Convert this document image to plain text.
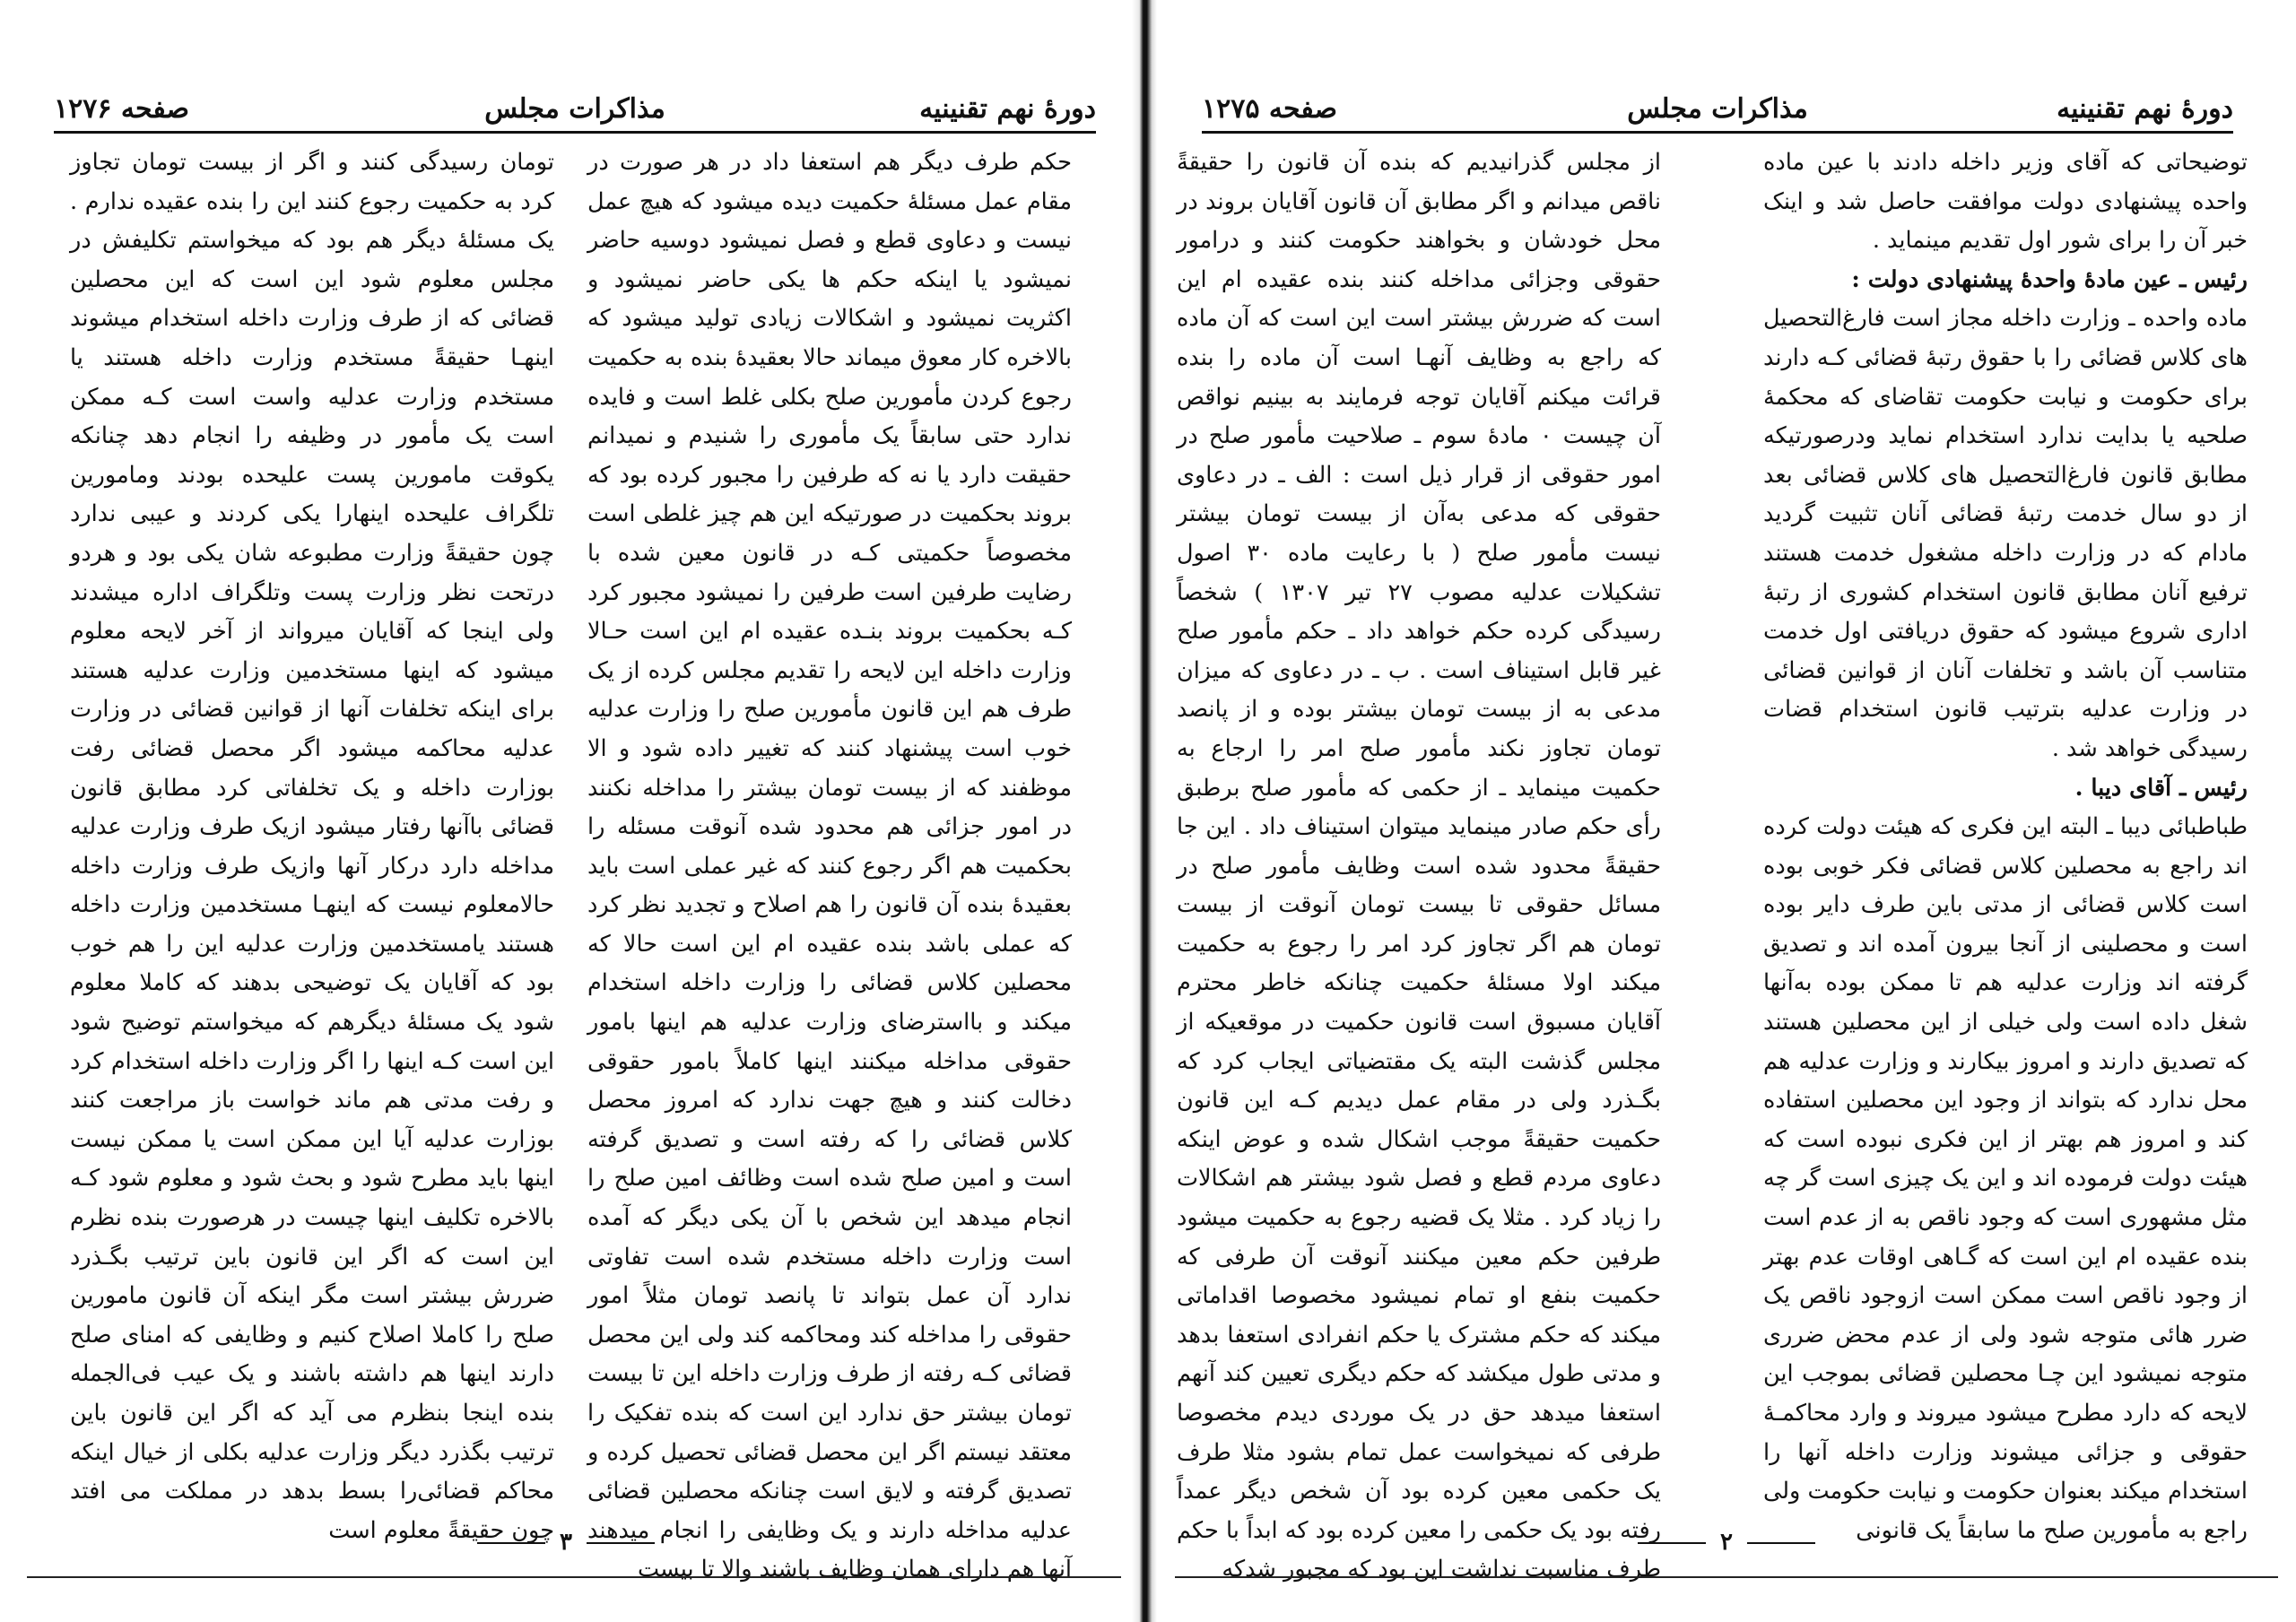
دورهٔ نهم تقنینیه
مذاکرات مجلس
صفحه ۱۲۷۶

حکم طرف دیگر هم استعفا داد در هر صورت در مقام عمل مسئلهٔ حکمیت دیده میشود که هیچ عمل نیست و دعاوی قطع و فصل نمیشود دوسیه حاضر نمیشود یا اینکه حکم ها یکی حاضر نمیشود و اکثریت نمیشود و اشکالات زیادی تولید میشود که بالاخره کار معوق میماند حالا بعقیدهٔ بنده به حکمیت رجوع کردن مأمورین صلح بکلی غلط است و فایده ندارد حتی سابقاً یک مأموری را شنیدم و نمیدانم حقیقت دارد یا نه که طرفین را مجبور کرده بود که بروند بحکمیت در صورتیکه این هم چیز غلطی است مخصوصاً حکمیتی کـه در قانون معین شده با رضایت طرفین است طرفین را نمیشود مجبور کرد کـه بحکمیت بروند بنـده عقیده ام این است حـالا وزارت داخله این لایحه را تقدیم مجلس کرده از یک طرف هم این قانون مأمورین صلح را وزارت عدلیه خوب است پیشنهاد کنند که تغییر داده شود و الا موظفند که از بیست تومان بیشتر را مداخله نکنند در امور جزائی هم محدود شده آنوقت مسئله را بحکمیت هم اگر رجوع کنند که غیر عملی است باید بعقیدهٔ بنده آن قانون را هم اصلاح و تجدید نظر کرد که عملی باشد بنده عقیده ام این است حالا که محصلین کلاس قضائی را وزارت داخله استخدام میکند و بااسترضای وزارت عدلیه هم اینها بامور حقوقی مداخله میکنند اینها کاملاً بامور حقوقی دخالت کنند و هیچ جهت ندارد که امروز محصل کلاس قضائی را که رفته است و تصدیق گرفته است و امین صلح شده است وظائف امین صلح را انجام میدهد این شخص با آن یکی دیگر که آمده است وزارت داخله مستخدم شده است تفاوتی ندارد آن عمل بتواند تا پانصد تومان مثلاً امور حقوقی را مداخله کند ومحاکمه کند ولی این محصل قضائی کـه رفته از طرف وزارت داخله این تا بیست تومان بیشتر حق ندارد این است که بنده تفکیک را معتقد نیستم اگر این محصل قضائی تحصیل کرده و تصدیق گرفته و لایق است چنانکه محصلین قضائی عدلیه مداخله دارند و یک وظایفی را انجام میدهند آنها هم دارای همان وظایف باشند والا تا بیست

تومان رسیدگی کنند و اگر از بیست تومان تجاوز کرد به حکمیت رجوع کنند این را بنده عقیده ندارم . یک مسئلهٔ دیگر هم بود که میخواستم تکلیفش در مجلس معلوم شود این است که این محصلین قضائی که از طرف وزارت داخله استخدام میشوند اینهـا حقیقةً مستخدم وزارت داخله هستند یا مستخدم وزارت عدلیه واست است کـه ممکن است یک مأمور در وظیفه را انجام دهد چنانکه یکوقت مامورین پست علیحده بودند ومامورین تلگراف علیحده اینهارا یکی کردند و عیبی ندارد چون حقیقةً وزارت مطبوعه شان یکی بود و هردو درتحت نظر وزارت پست وتلگراف اداره میشدند ولی اینجا که آقایان میرواند از آخر لایحه معلوم میشود که اینها مستخدمین وزارت عدلیه هستند برای اینکه تخلفات آنها از قوانین قضائی در وزارت عدلیه محاکمه میشود اگر محصل قضائی رفت بوزارت داخله و یک تخلفاتی کرد مطابق قانون قضائی باآنها رفتار میشود ازیک طرف وزارت عدلیه مداخله دارد درکار آنها وازیک طرف وزارت داخله حالامعلوم نیست که اینهـا مستخدمین وزارت داخله هستند یامستخدمین وزارت عدلیه این را هم خوب بود که آقایان یک توضیحی بدهند که کاملا معلوم شود یک مسئلهٔ دیگرهم که میخواستم توضیح شود این است کـه اینها را اگر وزارت داخله استخدام کرد و رفت مدتی هم ماند خواست باز مراجعت کنند بوزارت عدلیه آیا این ممکن است یا ممکن نیست اینها باید مطرح شود و بحث شود و معلوم شود کـه بالاخره تکلیف اینها چیست در هرصورت بنده نظرم این است که اگر این قانون باین ترتیب بگـذرد ضررش بیشتر است مگر اینکه آن قانون مامورین صلح را کاملا اصلاح کنیم و وظایفی که امنای صلح دارند اینها هم داشته باشند و یک عیب فی‌الجمله بنده اینجا بنظرم می آید که اگر این قانون باین ترتیب بگذرد دیگر وزارت عدلیه بکلی از خیال اینکه محاکم قضائی‌را بسط بدهد در مملکت می افتد چون حقیقةً معلوم است ۳
دورهٔ نهم تقنینیه
مذاکرات مجلس
صفحه ۱۲۷۵

توضیحاتی که آقای وزیر داخله دادند با عین ماده واحده پیشنهادی دولت موافقت حاصل شد و اینک خبر آن را برای شور اول تقدیم مینماید .

رئیس ـ عین مادهٔ واحدهٔ پیشنهادی دولت :

ماده واحده ـ وزارت داخله مجاز است فارغ‌التحصیل های کلاس قضائی را با حقوق رتبهٔ قضائی کـه دارند برای حکومت و نیابت حکومت تقاضای که محکمهٔ صلحیه یا بدایت ندارد استخدام نماید ودرصورتیکه مطابق قانون فارغ‌التحصیل های کلاس قضائی بعد از دو سال خدمت رتبهٔ قضائی آنان تثبیت گردید مادام که در وزارت داخله مشغول خدمت هستند ترفیع آنان مطابق قانون استخدام کشوری از رتبهٔ اداری شروع میشود که حقوق دریافتی اول خدمت متناسب آن باشد و تخلفات آنان از قوانین قضائی در وزارت عدلیه بترتیب قانون استخدام قضات رسیدگی خواهد شد .

رئیس ـ آقای دیبا .

طباطبائی دیبا ـ البته این فکری که هیئت دولت کرده اند راجع به محصلین کلاس قضائی فکر خوبی بوده است کلاس قضائی از مدتی باین طرف دایر بوده است و محصلینی از آنجا بیرون آمده اند و تصدیق گرفته اند وزارت عدلیه هم تا ممکن بوده به‌آنها شغل داده است ولی خیلی از این محصلین هستند که تصدیق دارند و امروز بیکارند و وزارت عدلیه هم محل ندارد که بتواند از وجود این محصلین استفاده کند و امروز هم بهتر از این فکری نبوده است که هیئت دولت فرموده اند و این یک چیزی است گر چه مثل مشهوری است که وجود ناقص به از عدم است بنده عقیده ام این است که گـاهی اوقات عدم بهتر از وجود ناقص است ممکن است ازوجود ناقص یک ضرر هائی متوجه شود ولی از عدم محض ضرری متوجه نمیشود این چـا محصلین قضائی بموجب این لایحه که دارد مطرح میشود میروند و وارد محاکمـهٔ حقوقی و جزائی میشوند وزارت داخله آنها را استخدام میکند بعنوان حکومت و نیابت حکومت ولی راجع به مأمورین صلح ما سابقاً یک قانونی

از مجلس گذرانیدیم که بنده آن قانون را حقیقةً ناقص میدانم و اگر مطابق آن قانون آقایان بروند در محل خودشان و بخواهند حکومت کنند و درامور حقوقی وجزائی مداخله کنند بنده عقیده ام این است که ضررش بیشتر است این است که آن ماده که راجع به وظایف آنهـا است آن ماده را بنده قرائت میکنم آقایان توجه فرمایند به بینیم نواقص آن چیست ۰ مادهٔ سوم ـ صلاحیت مأمور صلح در امور حقوقی از قرار ذیل است : الف ـ در دعاوی حقوقی که مدعی به‌آن از بیست تومان بیشتر نیست مأمور صلح ( با رعایت ماده ۳۰ اصول تشکیلات عدلیه مصوب ۲۷ تیر ۱۳۰۷ ) شخصاً رسیدگی کرده حکم خواهد داد ـ حکم مأمور صلح غیر قابل استیناف است . ب ـ در دعاوی که میزان مدعی به از بیست تومان بیشتر بوده و از پانصد تومان تجاوز نکند مأمور صلح امر را ارجاع به حکمیت مینماید ـ از حکمی که مأمور صلح برطبق رأی حکم صادر مینماید میتوان استیناف داد . این جا حقیقةً محدود شده است وظایف مأمور صلح در مسائل حقوقی تا بیست تومان آنوقت از بیست تومان هم اگر تجاوز کرد امر را رجوع به حکمیت میکند اولا مسئلهٔ حکمیت چنانکه خاطر محترم آقایان مسبوق است قانون حکمیت در موقعیکه از مجلس گذشت البته یک مقتضیاتی ایجاب کرد که بگـذرد ولی در مقام عمل دیدیم کـه این قانون حکمیت حقیقةً موجب اشکال شده و عوض اینکه دعاوی مردم قطع و فصل شود بیشتر هم اشکالات را زیاد کرد . مثلا یک قضیه رجوع به حکمیت میشود طرفین حکم معین میکنند آنوقت آن طرفی که حکمیت بنفع او تمام نمیشود مخصوصا اقداماتی میکند که حکم مشترک یا حکم انفرادی استعفا بدهد و مدتی طول میکشد که حکم دیگری تعیین کند آنهم استعفا میدهد حق در یک موردی دیدم مخصوصا طرفی که نمیخواست عمل تمام بشود مثلا طرف یک حکمی معین کرده بود آن شخص دیگر عمداً رفته بود یک حکمی را معین کرده بود که ابداً با حکم طرف مناسبت نداشت این بود که مجبور شدکه

۲
